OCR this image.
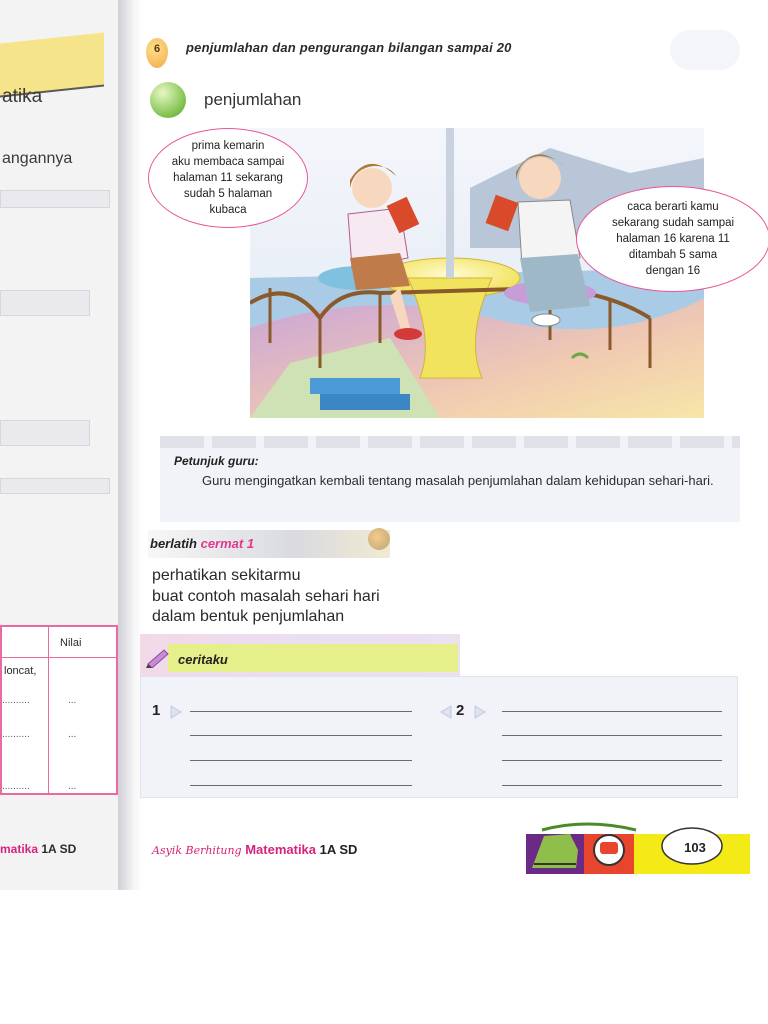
atika
angannya
Nilai
loncat,
..........	...
..........	...
..........	...
matika 1A SD
6	penjumlahan dan pengurangan bilangan sampai 20
penjumlahan
prima kemarin
aku membaca sampai
halaman 11 sekarang
sudah 5 halaman
kubaca	caca berarti kamu
sekarang sudah sampai
halaman 16 karena 11
ditambah 5 sama
dengan 16
Petunjuk guru:
Guru mengingatkan kembali tentang masalah penjumlahan dalam kehidupan sehari-hari.
berlatih cermat 1
perhatikan sekitarmu
buat contoh masalah sehari hari
dalam bentuk penjumlahan
ceritaku
1	2
Asyik Berhitung Matematika 1A SD	103
